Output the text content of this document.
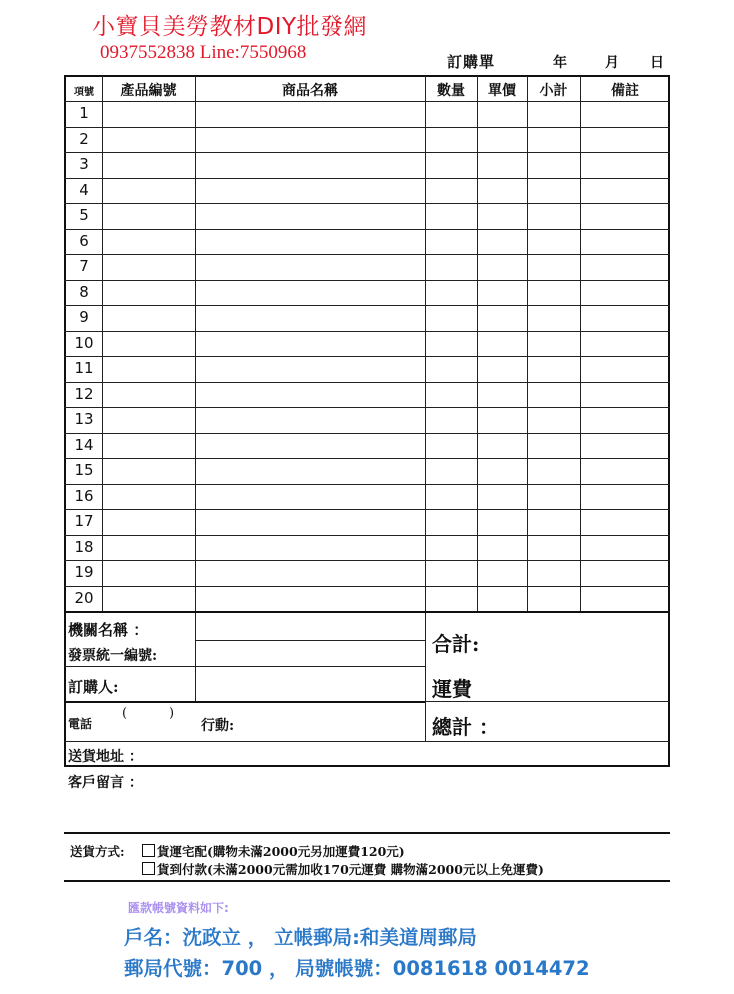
小寶貝美勞教材DIY批發網
0937552838 Line:7550968	訂購單	年	月 日
項號	產品編號	商品名稱	數量	單價	小計	備註
1
2
3
4
5
6
7
8
9
10
11
12
13
14
15
16
17
18
19
20
機關名稱 ：
發票統一編號:
訂購人:
電話
(	)
行動:
送貨地址 ：
合計:
運費
總計 ：
客戶留言 ：
送貨方式:	貨運宅配(購物未滿2000元另加運費120元)
貨到付款(未滿2000元需加收170元運費 購物滿2000元以上免運費)
匯款帳號資料如下:
戶名：沈政立 ， 立帳郵局:和美道周郵局
郵局代號：700 ， 局號帳號：0081618 0014472
